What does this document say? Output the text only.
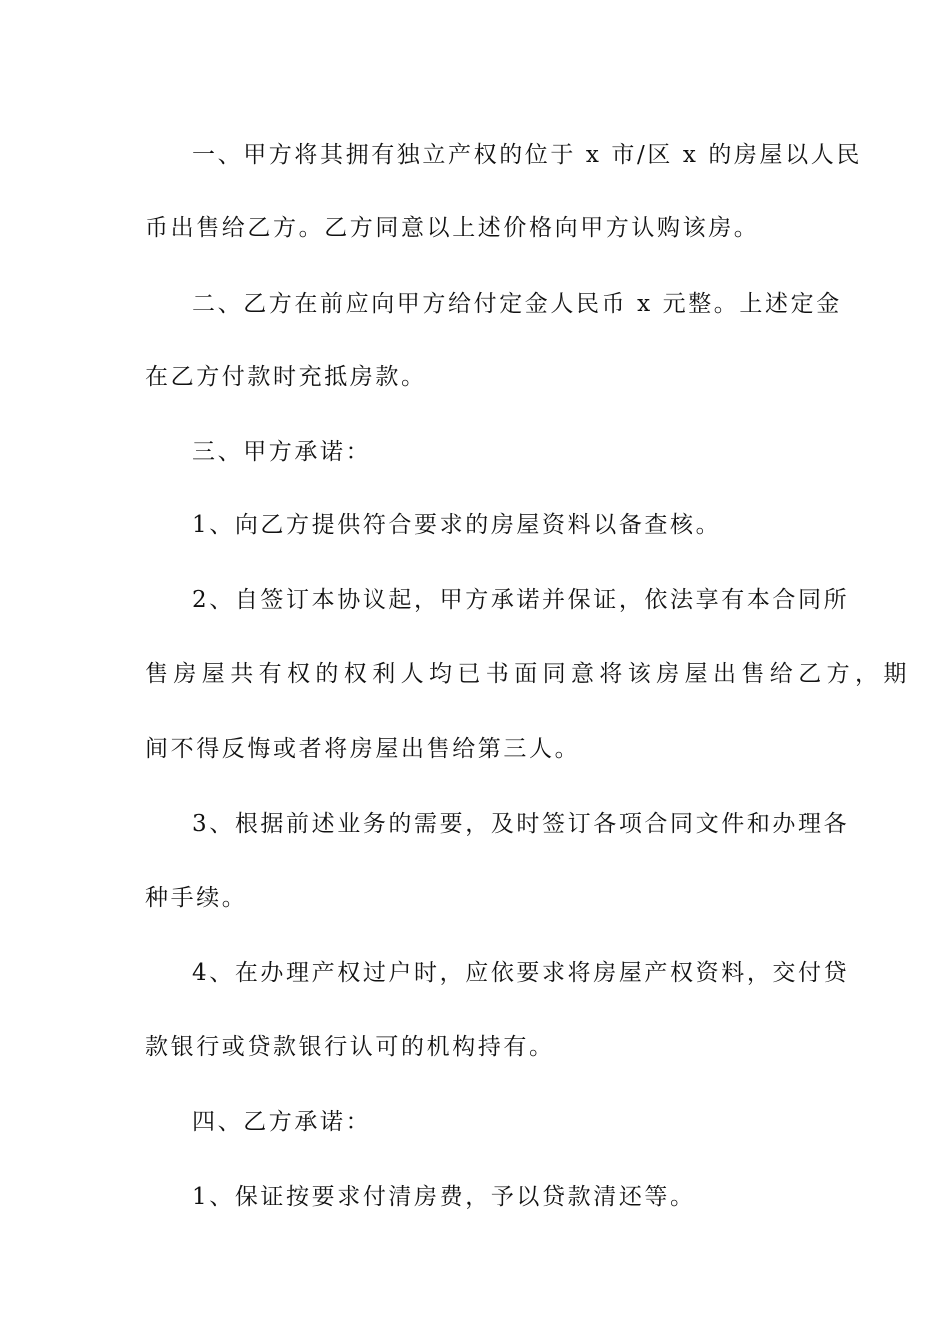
一、甲方将其拥有独立产权的位于 x 市/区 x 的房屋以人民
币出售给乙方。乙方同意以上述价格向甲方认购该房。
二、乙方在前应向甲方给付定金人民币 x 元整。上述定金
在乙方付款时充抵房款。
三、甲方承诺：
1、向乙方提供符合要求的房屋资料以备查核。
2、自签订本协议起，甲方承诺并保证，依法享有本合同所
售房屋共有权的权利人均已书面同意将该房屋出售给乙方，期
间不得反悔或者将房屋出售给第三人。
3、根据前述业务的需要，及时签订各项合同文件和办理各
种手续。
4、在办理产权过户时，应依要求将房屋产权资料，交付贷
款银行或贷款银行认可的机构持有。
四、乙方承诺：
1、保证按要求付清房费，予以贷款清还等。
